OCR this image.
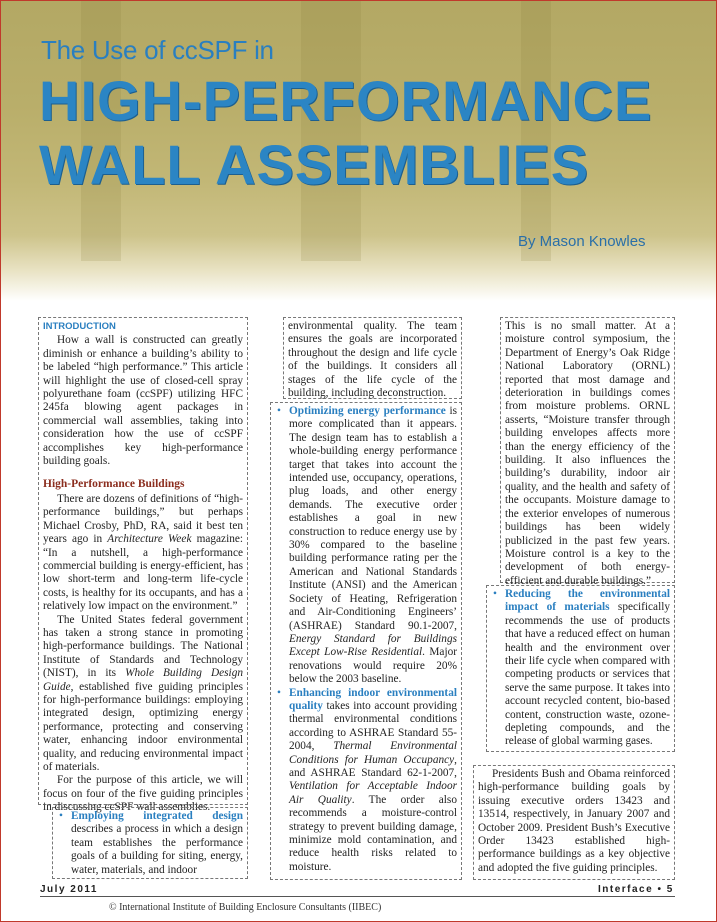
The Use of ccSPF in
HIGH-PERFORMANCE
WALL ASSEMBLIES
By Mason Knowles
INTRODUCTION

How a wall is constructed can greatly diminish or enhance a building’s ability to be labeled “high performance.” This article will highlight the use of closed-cell spray polyurethane foam (ccSPF) utilizing HFC 245fa blowing agent packages in commercial wall assemblies, taking into consideration how the use of ccSPF accomplishes key high-performance building goals.

High-Performance Buildings

There are dozens of definitions of “high-performance buildings,” but perhaps Michael Crosby, PhD, RA, said it best ten years ago in Architecture Week magazine: “In a nutshell, a high-performance commercial building is energy-efficient, has low short-term and long-term life-cycle costs, is healthy for its occupants, and has a relatively low impact on the environment.”

The United States federal government has taken a strong stance in promoting high-performance buildings. The National Institute of Standards and Technology (NIST), in its Whole Building Design Guide, established five guiding principles for high-performance buildings: employing integrated design, optimizing energy performance, protecting and conserving water, enhancing indoor environmental quality, and reducing environmental impact of materials.

For the purpose of this article, we will focus on four of the five guiding principles in discussing ccSPF wall assemblies.

• Employing integrated design describes a process in which a design team establishes the performance goals of a building for siting, energy, water, materials, and indoor

environmental quality. The team ensures the goals are incorporated throughout the design and life cycle of the buildings. It considers all stages of the life cycle of the building, including deconstruction.

• Optimizing energy performance is more complicated than it appears. The design team has to establish a whole-building energy performance target that takes into account the intended use, occupancy, operations, plug loads, and other energy demands. The executive order establishes a goal in new construction to reduce energy use by 30% compared to the baseline building performance rating per the American and National Standards Institute (ANSI) and the American Society of Heating, Refrigeration and Air-Conditioning Engineers’ (ASHRAE) Standard 90.1-2007, Energy Standard for Buildings Except Low-Rise Residential. Major renovations would require 20% below the 2003 baseline.
• Enhancing indoor environmental quality takes into account providing thermal environmental conditions according to ASHRAE Standard 55-2004, Thermal Environmental Conditions for Human Occupancy, and ASHRAE Standard 62-1-2007, Ventilation for Acceptable Indoor Air Quality. The order also recommends a moisture-control strategy to prevent building damage, minimize mold contamination, and reduce health risks related to moisture.

This is no small matter. At a moisture control symposium, the Department of Energy’s Oak Ridge National Laboratory (ORNL) reported that most damage and deterioration in buildings comes from moisture problems. ORNL asserts, “Moisture transfer through building envelopes affects more than the energy efficiency of the building. It also influences the building’s durability, indoor air quality, and the health and safety of the occupants. Moisture damage to the exterior envelopes of numerous buildings has been widely publicized in the past few years. Moisture control is a key to the development of both energy-efficient and durable buildings.”

• Reducing the environmental impact of materials specifically recommends the use of products that have a reduced effect on human health and the environment over their life cycle when compared with competing products or services that serve the same purpose. It takes into account recycled content, bio-based content, construction waste, ozone-depleting compounds, and the release of global warming gases.

Presidents Bush and Obama reinforced high-performance building goals by issuing executive orders 13423 and 13514, respectively, in January 2007 and October 2009. President Bush’s Executive Order 13423 established high-performance buildings as a key objective and adopted the five guiding principles.

July 2011	Interface • 5
© International Institute of Building Enclosure Consultants (IIBEC)
